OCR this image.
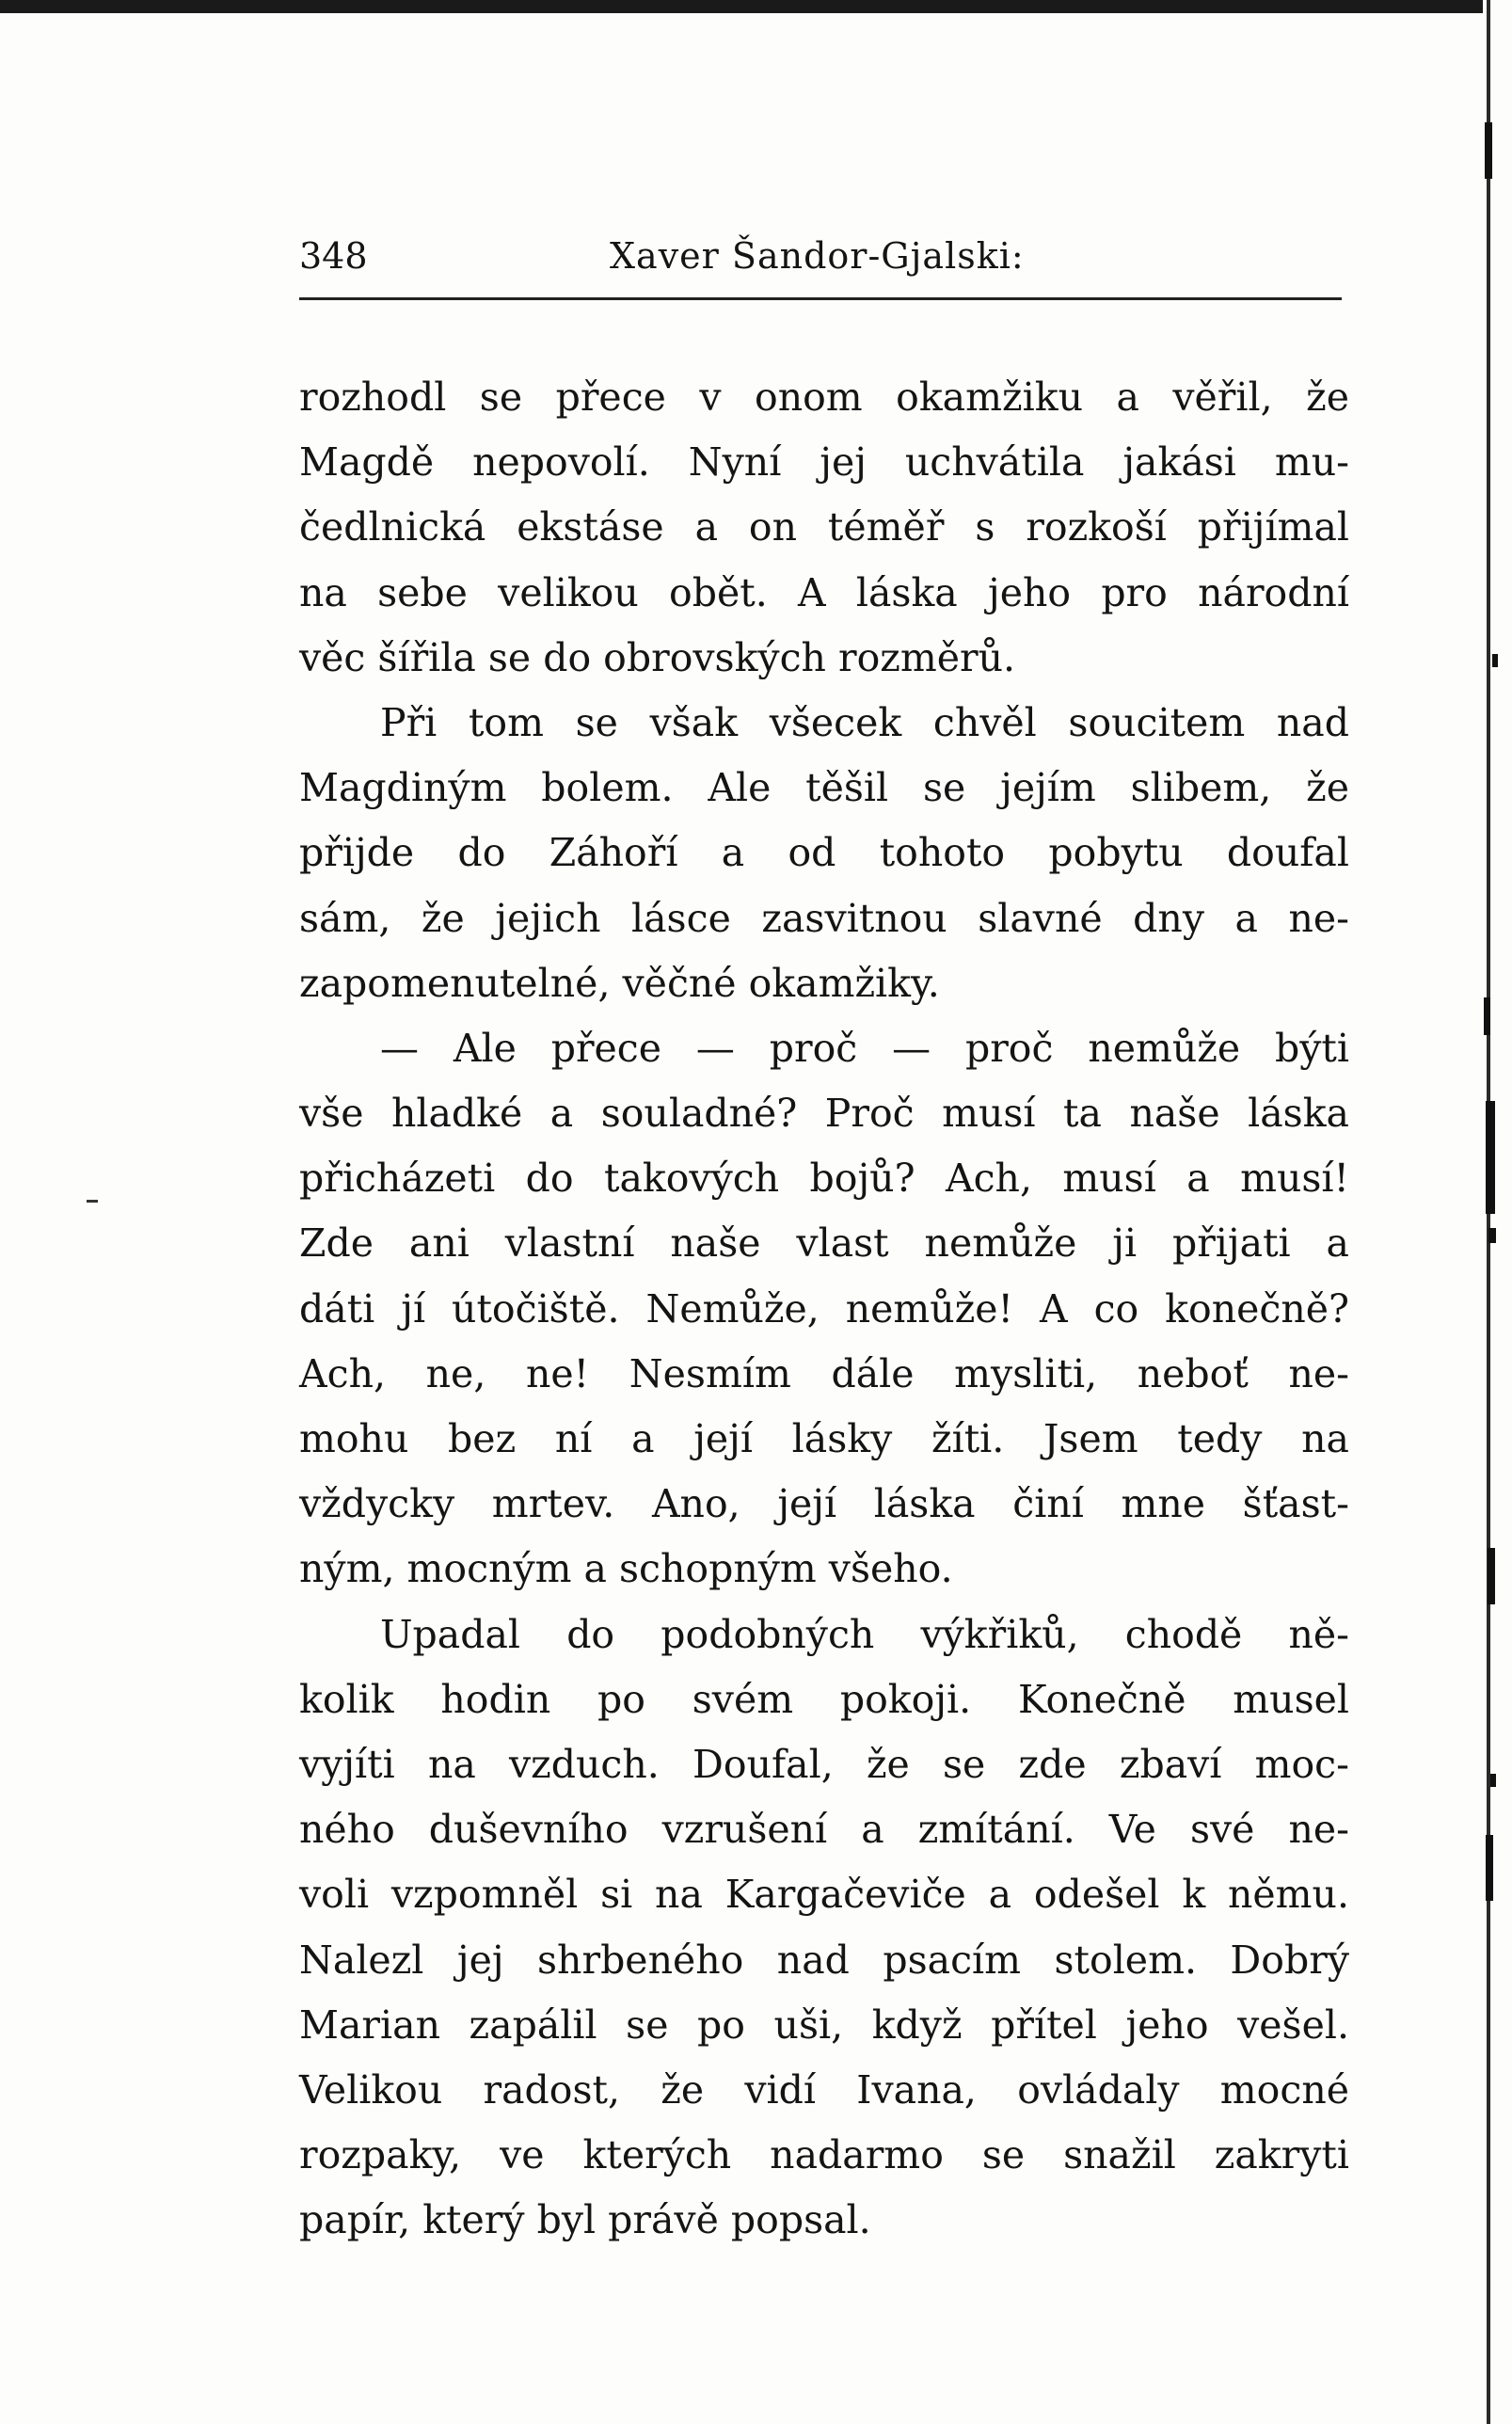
348	Xaver Šandor-Gjalski:
rozhodl se přece v onom okamžiku a věřil, že
Magdě nepovolí. Nyní jej uchvátila jakási mu-
čedlnická ekstáse a on téměř s rozkoší přijímal
na sebe velikou obět. A láska jeho pro národní
věc šířila se do obrovských rozměrů.
Při tom se však všecek chvěl soucitem nad
Magdiným bolem. Ale těšil se jejím slibem, že
přijde do Záhoří a od tohoto pobytu doufal
sám, že jejich lásce zasvitnou slavné dny a ne-
zapomenutelné, věčné okamžiky.
— Ale přece — proč — proč nemůže býti
vše hladké a souladné? Proč musí ta naše láska
přicházeti do takových bojů? Ach, musí a musí!
Zde ani vlastní naše vlast nemůže ji přijati a
dáti jí útočiště. Nemůže, nemůže! A co konečně?
Ach, ne, ne! Nesmím dále mysliti, neboť ne-
mohu bez ní a její lásky žíti. Jsem tedy na
vždycky mrtev. Ano, její láska činí mne šťast-
ným, mocným a schopným všeho.
Upadal do podobných výkřiků, chodě ně-
kolik hodin po svém pokoji. Konečně musel
vyjíti na vzduch. Doufal, že se zde zbaví moc-
ného duševního vzrušení a zmítání. Ve své ne-
voli vzpomněl si na Kargačeviče a odešel k němu.
Nalezl jej shrbeného nad psacím stolem. Dobrý
Marian zapálil se po uši, když přítel jeho vešel.
Velikou radost, že vidí Ivana, ovládaly mocné
rozpaky, ve kterých nadarmo se snažil zakryti
papír, který byl právě popsal.
